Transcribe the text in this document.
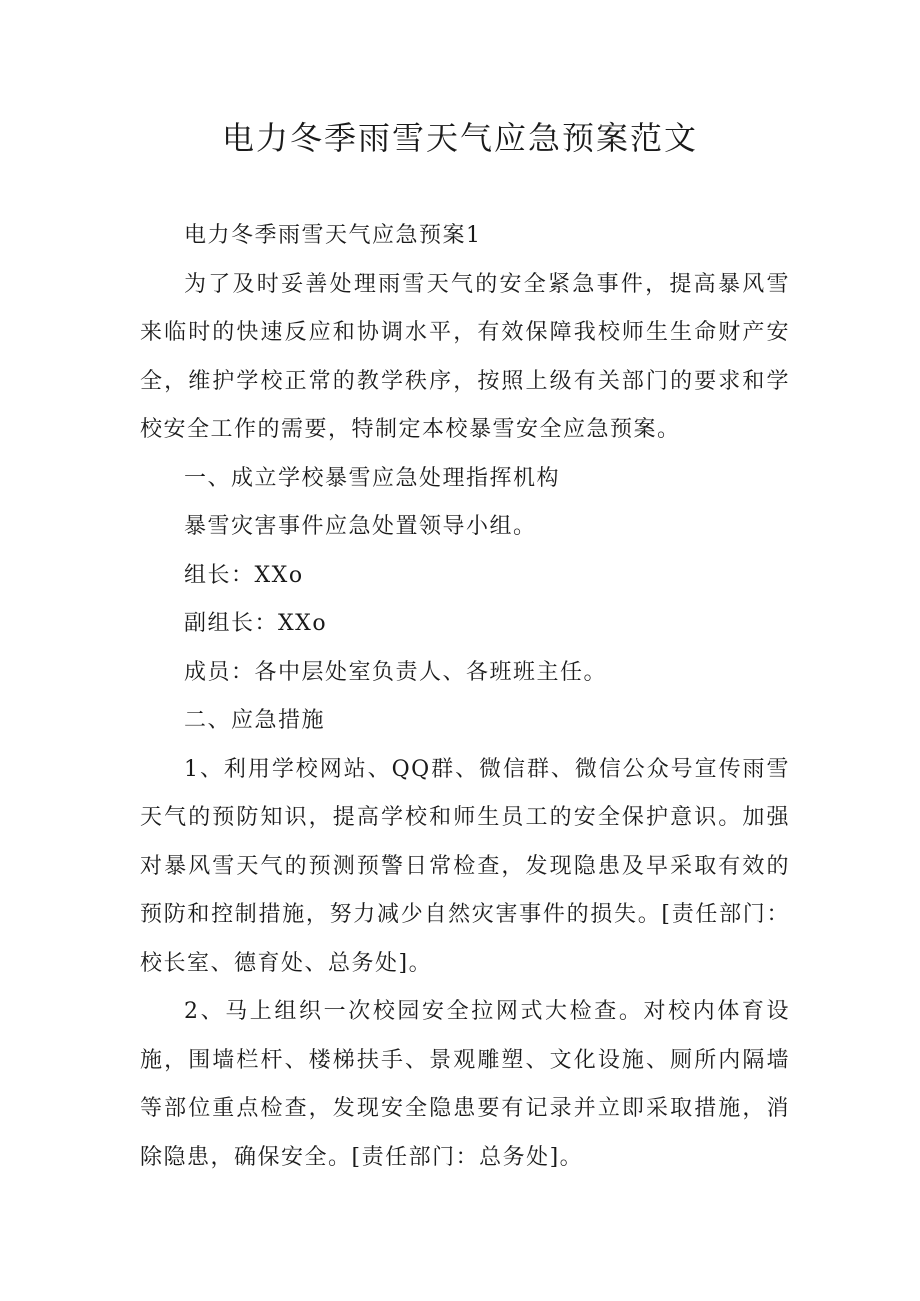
电力冬季雨雪天气应急预案范文

电力冬季雨雪天气应急预案1

为了及时妥善处理雨雪天气的安全紧急事件，提高暴风雪来临时的快速反应和协调水平，有效保障我校师生生命财产安全，维护学校正常的教学秩序，按照上级有关部门的要求和学校安全工作的需要，特制定本校暴雪安全应急预案。

一、成立学校暴雪应急处理指挥机构

暴雪灾害事件应急处置领导小组。

组长：XXo

副组长：XXo

成员：各中层处室负责人、各班班主任。

二、应急措施

1、利用学校网站、QQ群、微信群、微信公众号宣传雨雪天气的预防知识，提高学校和师生员工的安全保护意识。加强对暴风雪天气的预测预警日常检查，发现隐患及早采取有效的预防和控制措施，努力减少自然灾害事件的损失。[责任部门：校长室、德育处、总务处]。

2、马上组织一次校园安全拉网式大检查。对校内体育设施，围墙栏杆、楼梯扶手、景观雕塑、文化设施、厕所内隔墙等部位重点检查，发现安全隐患要有记录并立即采取措施，消除隐患，确保安全。[责任部门：总务处]。
